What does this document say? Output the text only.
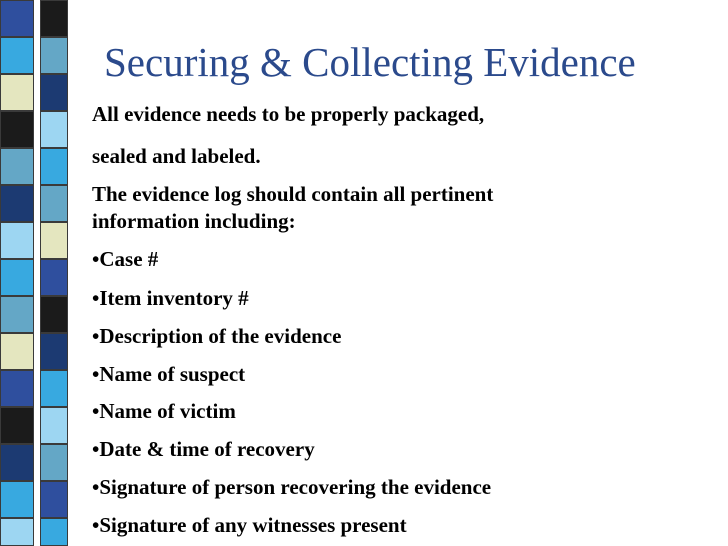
Securing & Collecting Evidence
All evidence needs to be properly packaged,
sealed and labeled.
The evidence log should contain all pertinent
information including:
•Case #
•Item inventory #
•Description of the evidence
•Name of suspect
•Name of victim
•Date & time of recovery
•Signature of person recovering the evidence
•Signature of any witnesses present
